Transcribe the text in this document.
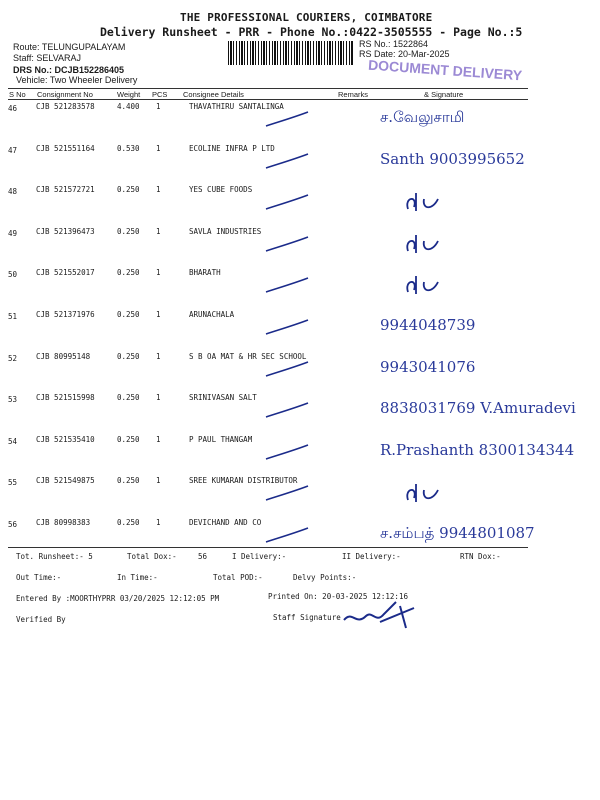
THE PROFESSIONAL COURIERS, COIMBATORE
Delivery Runsheet - PRR - Phone No.:0422-3505555 - Page No.:5
Route: TELUNGUPALAYAM
Staff: SELVARAJ
DRS No.: DCJB152286405
Vehicle: Two Wheeler Delivery
RS No.: 1522864
RS Date: 20-Mar-2025
DOCUMENT DELIVERY
S No Consignment No	Weight PCS Consignee Details	Remarks	& Signature
46	CJB 521283578	4.400 1	THAVATHIRU SANTALINGA
ச.வேலுசாமி
47	CJB 521551164	0.530 1	ECOLINE INFRA P LTD
Santh 9003995652
48	CJB 521572721	0.250 1	YES CUBE FOODS
49	CJB 521396473	0.250 1	SAVLA INDUSTRIES
50	CJB 521552017	0.250 1	BHARATH
51	CJB 521371976	0.250 1	ARUNACHALA
9944048739
52	CJB 80995148	0.250 1	S B OA MAT & HR SEC SCHOOL
9943041076
53	CJB 521515998	0.250 1	SRINIVASAN SALT
8838031769 V.Amuradevi
54	CJB 521535410	0.250 1	P PAUL THANGAM
R.Prashanth 8300134344
55	CJB 521549875	0.250 1	SREE KUMARAN DISTRIBUTOR
56	CJB 80998383	0.250 1	DEVICHAND AND CO
ச.சம்பத் 9944801087
Tot. Runsheet:- 5	Total Dox:-	56	I Delivery:-	II Delivery:-	RTN Dox:-
Out Time:-	In Time:-	Total POD:-	Delvy Points:-
Entered By :MOORTHYPRR 03/20/2025 12:12:05 PM	Printed On: 20-03-2025 12:12:16
Verified By	Staff Signature
